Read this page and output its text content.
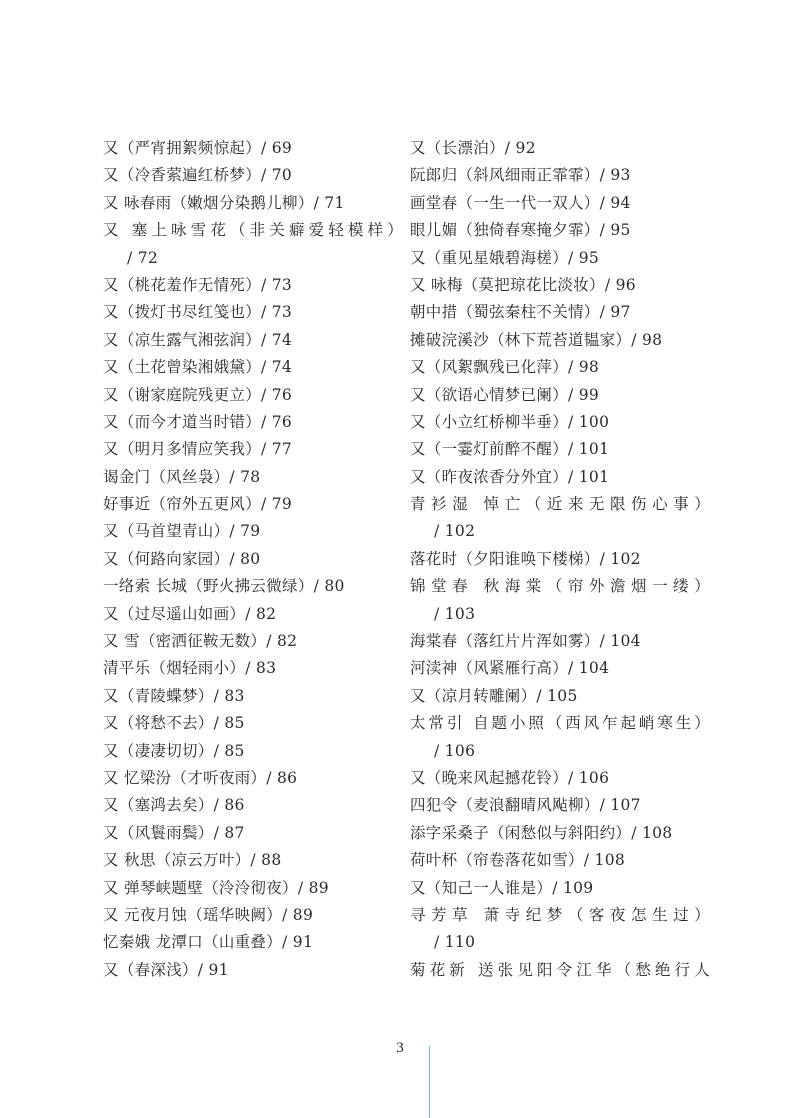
又（严宵拥絮频惊起）/ 69
又（冷香萦遍红桥梦）/ 70
又 咏春雨（嫩烟分染鹅儿柳）/ 71
又 塞上咏雪花（非关癖爱轻模样）
/ 72
又（桃花羞作无情死）/ 73
又（拨灯书尽红笺也）/ 73
又（凉生露气湘弦润）/ 74
又（土花曾染湘娥黛）/ 74
又（谢家庭院残更立）/ 76
又（而今才道当时错）/ 76
又（明月多情应笑我）/ 77
谒金门（风丝袅）/ 78
好事近（帘外五更风）/ 79
又（马首望青山）/ 79
又（何路向家园）/ 80
一络索 长城（野火拂云微绿）/ 80
又（过尽遥山如画）/ 82
又 雪（密洒征鞍无数）/ 82
清平乐（烟轻雨小）/ 83
又（青陵蝶梦）/ 83
又（将愁不去）/ 85
又（凄凄切切）/ 85
又 忆梁汾（才听夜雨）/ 86
又（塞鸿去矣）/ 86
又（风鬟雨鬓）/ 87
又 秋思（凉云万叶）/ 88
又 弹琴峡题壁（泠泠彻夜）/ 89
又 元夜月蚀（瑶华映阙）/ 89
忆秦娥 龙潭口（山重叠）/ 91
又（春深浅）/ 91
又（长漂泊）/ 92
阮郎归（斜风细雨正霏霏）/ 93
画堂春（一生一代一双人）/ 94
眼儿媚（独倚春寒掩夕霏）/ 95
又（重见星娥碧海槎）/ 95
又 咏梅（莫把琼花比淡妆）/ 96
朝中措（蜀弦秦柱不关情）/ 97
摊破浣溪沙（林下荒苔道韫家）/ 98
又（风絮飘残已化萍）/ 98
又（欲语心情梦已阑）/ 99
又（小立红桥柳半垂）/ 100
又（一霎灯前醉不醒）/ 101
又（昨夜浓香分外宜）/ 101
青衫湿 悼亡（近来无限伤心事）
/ 102
落花时（夕阳谁唤下楼梯）/ 102
锦堂春 秋海棠（帘外澹烟一缕）
/ 103
海棠春（落红片片浑如雾）/ 104
河渎神（风紧雁行高）/ 104
又（凉月转雕阑）/ 105
太常引 自题小照（西风乍起峭寒生）
/ 106
又（晚来风起撼花铃）/ 106
四犯令（麦浪翻晴风飐柳）/ 107
添字采桑子（闲愁似与斜阳约）/ 108
荷叶杯（帘卷落花如雪）/ 108
又（知己一人谁是）/ 109
寻芳草 萧寺纪梦（客夜怎生过）
/ 110
菊花新 送张见阳令江华（愁绝行人
3
